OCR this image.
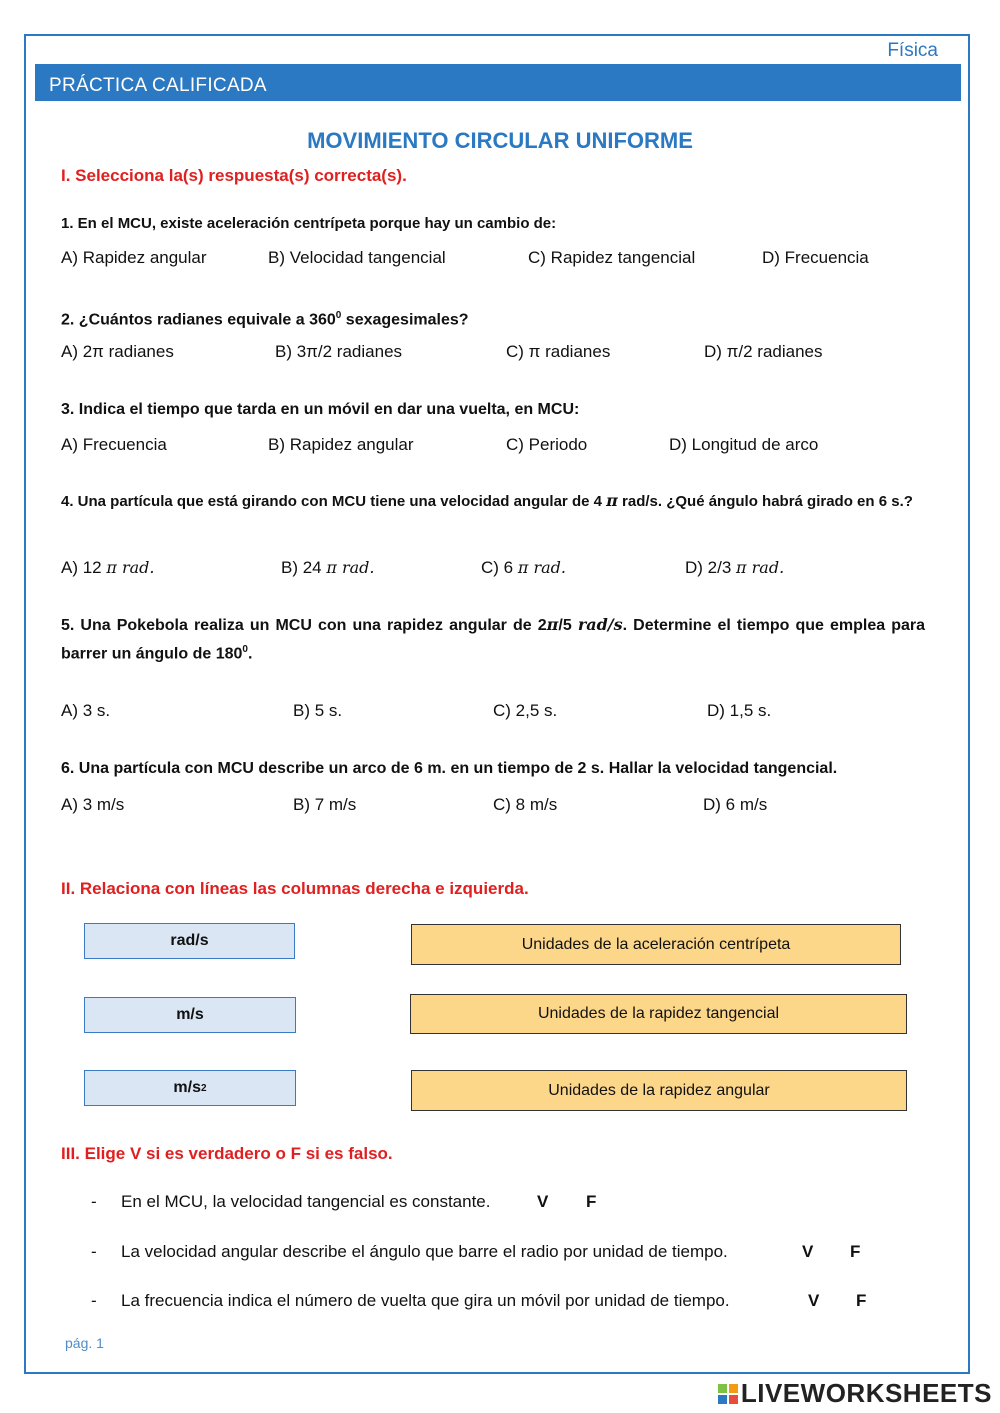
Física
PRÁCTICA CALIFICADA
MOVIMIENTO CIRCULAR UNIFORME
I. Selecciona la(s) respuesta(s) correcta(s).
1. En el MCU, existe aceleración centrípeta porque hay un cambio de:
A) Rapidez angular	B) Velocidad tangencial	C) Rapidez tangencial	D) Frecuencia
2. ¿Cuántos radianes equivale a $360^0$ sexagesimales?
A) 2π radianes	B) 3π/2 radianes	C) π radianes	D) π/2 radianes
3. Indica el tiempo que tarda en un móvil en dar una vuelta, en MCU:
A) Frecuencia	B) Rapidez angular	C) Periodo	D) Longitud de arco
4. Una partícula que está girando con MCU tiene una velocidad angular de 4 π rad/s. ¿Qué ángulo habrá girado en 6 s.?
A) 12 π rad.	B) 24 π rad.	C) 6 π rad.	D) 2/3 π rad.
5. Una Pokebola realiza un MCU con una rapidez angular de 2π/5 rad/s. Determine el tiempo que emplea para barrer un ángulo de $180^0$.
A) 3 s.	B) 5 s.	C) 2,5 s.	D) 1,5 s.
6. Una partícula con MCU describe un arco de 6 m. en un tiempo de 2 s. Hallar la velocidad tangencial.
A) 3 m/s	B) 7 m/s	C) 8 m/s	D) 6 m/s
II. Relaciona con líneas las columnas derecha e izquierda.
rad/s
m/s
m/s 2
Unidades de la aceleración centrípeta
Unidades de la rapidez tangencial
Unidades de la rapidez angular
III. Elige V si es verdadero o F si es falso.
- En el MCU, la velocidad tangencial es constante.	V F
- La velocidad angular describe el ángulo que barre el radio por unidad de tiempo.	V F
- La frecuencia indica el número de vuelta que gira un móvil por unidad de tiempo.	V F
pág. 1
LIVEWORKSHEETS
